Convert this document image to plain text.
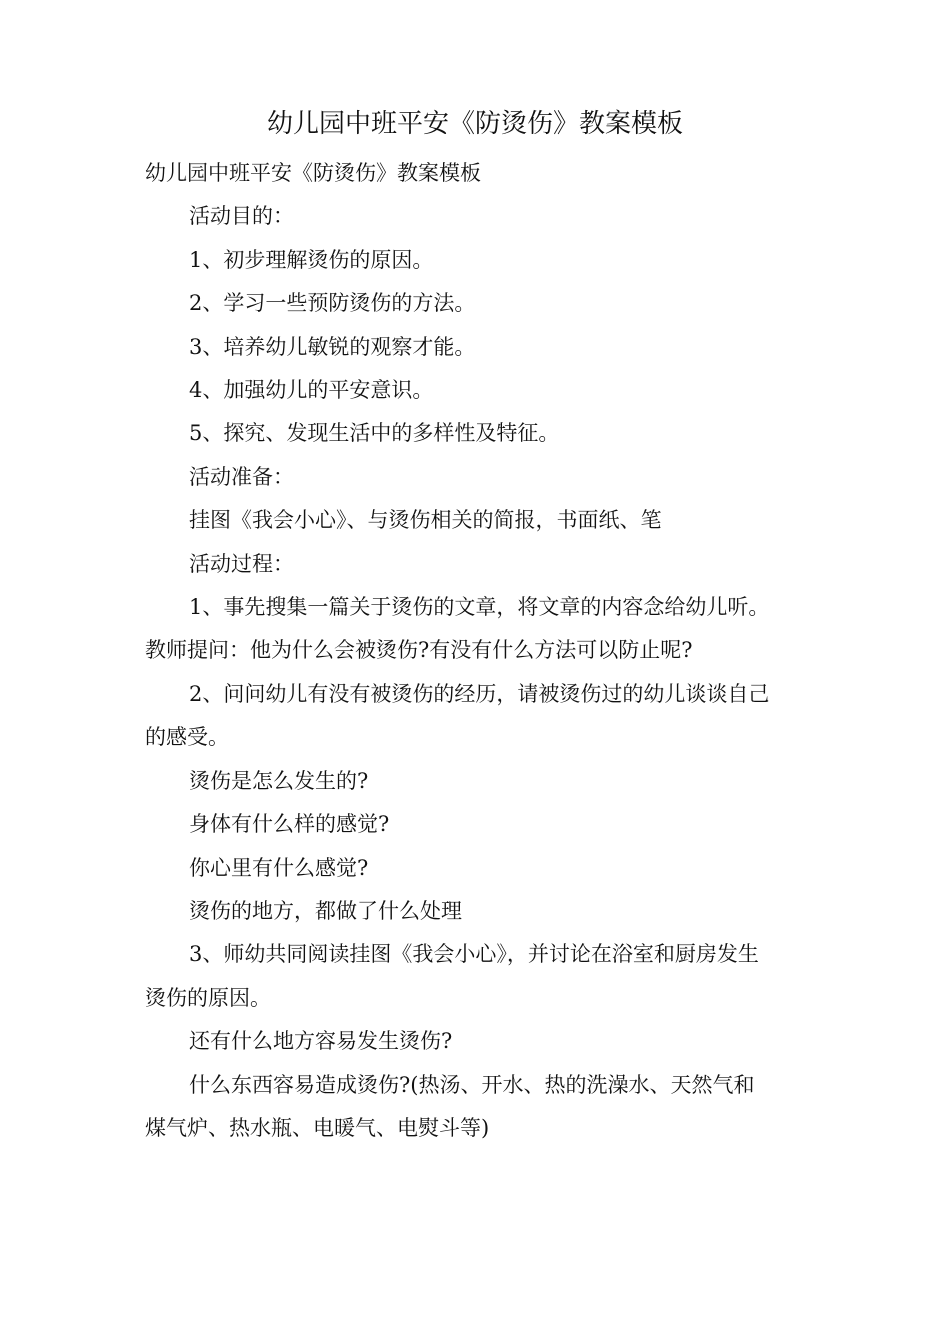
幼儿园中班平安《防烫伤》教案模板

幼儿园中班平安《防烫伤》教案模板

活动目的：

1、初步理解烫伤的原因。

2、学习一些预防烫伤的方法。

3、培养幼儿敏锐的观察才能。

4、加强幼儿的平安意识。

5、探究、发现生活中的多样性及特征。

活动准备：

挂图《我会小心》、与烫伤相关的简报，书面纸、笔

活动过程：

1、事先搜集一篇关于烫伤的文章，将文章的内容念给幼儿听。

教师提问：他为什么会被烫伤?有没有什么方法可以防止呢?

2、问问幼儿有没有被烫伤的经历，请被烫伤过的幼儿谈谈自己

的感受。

烫伤是怎么发生的?

身体有什么样的感觉?

你心里有什么感觉?

烫伤的地方，都做了什么处理

3、师幼共同阅读挂图《我会小心》，并讨论在浴室和厨房发生

烫伤的原因。

还有什么地方容易发生烫伤?

什么东西容易造成烫伤?(热汤、开水、热的洗澡水、天然气和

煤气炉、热水瓶、电暖气、电熨斗等)
